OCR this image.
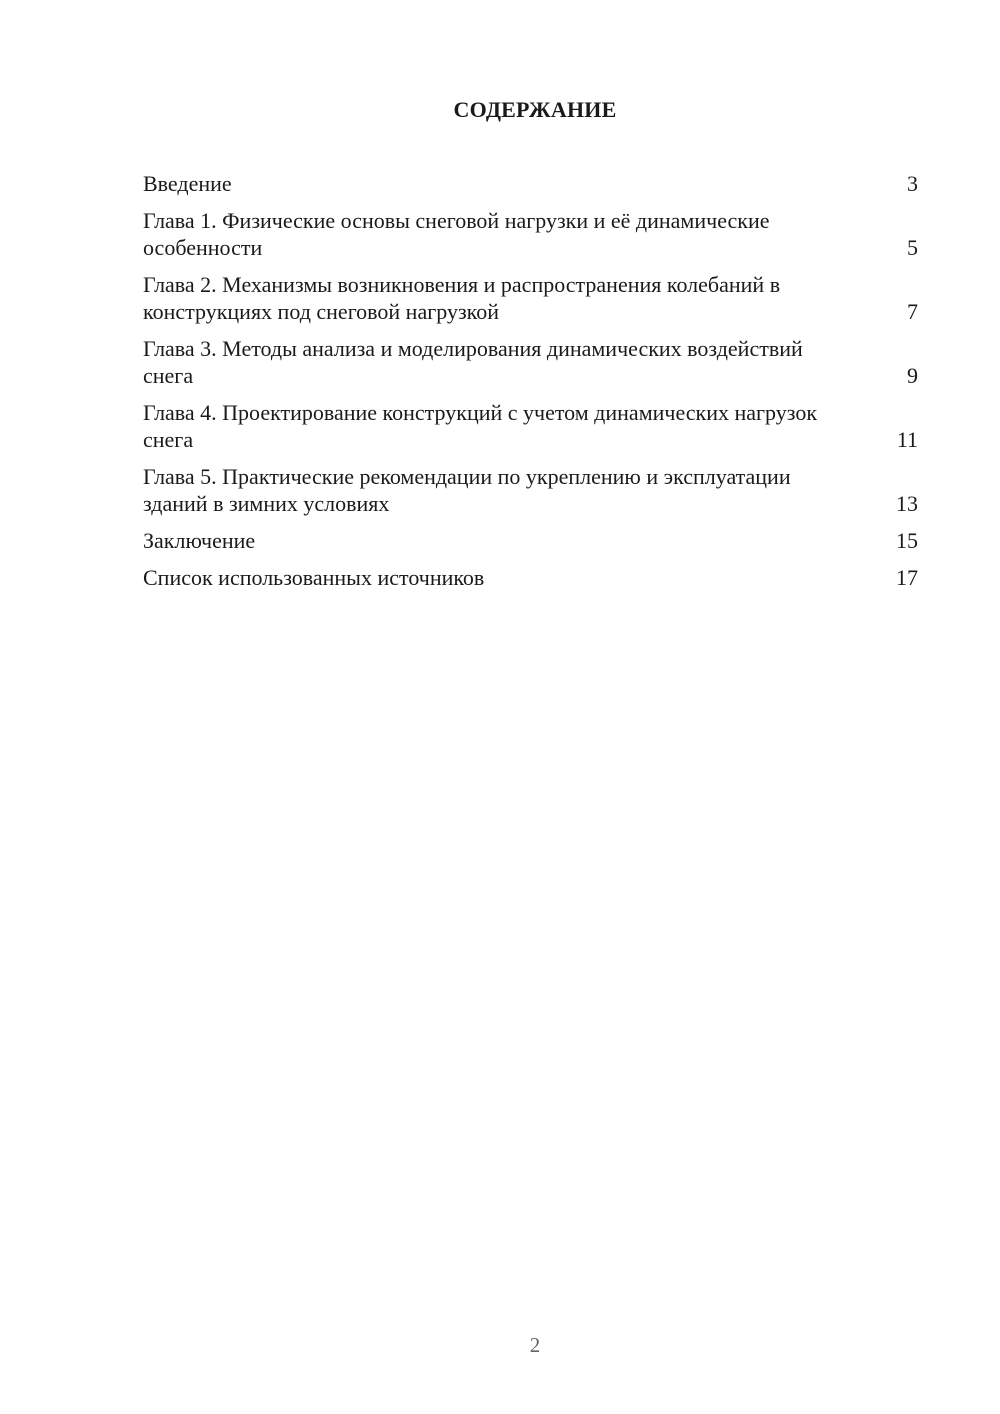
СОДЕРЖАНИЕ
Введение	3
Глава 1. Физические основы снеговой нагрузки и её динамические особенности	5
Глава 2. Механизмы возникновения и распространения колебаний в конструкциях под снеговой нагрузкой	7
Глава 3. Методы анализа и моделирования динамических воздействий снега	9
Глава 4. Проектирование конструкций с учетом динамических нагрузок снега	11
Глава 5. Практические рекомендации по укреплению и эксплуатации зданий в зимних условиях	13
Заключение	15
Список использованных источников	17
2
